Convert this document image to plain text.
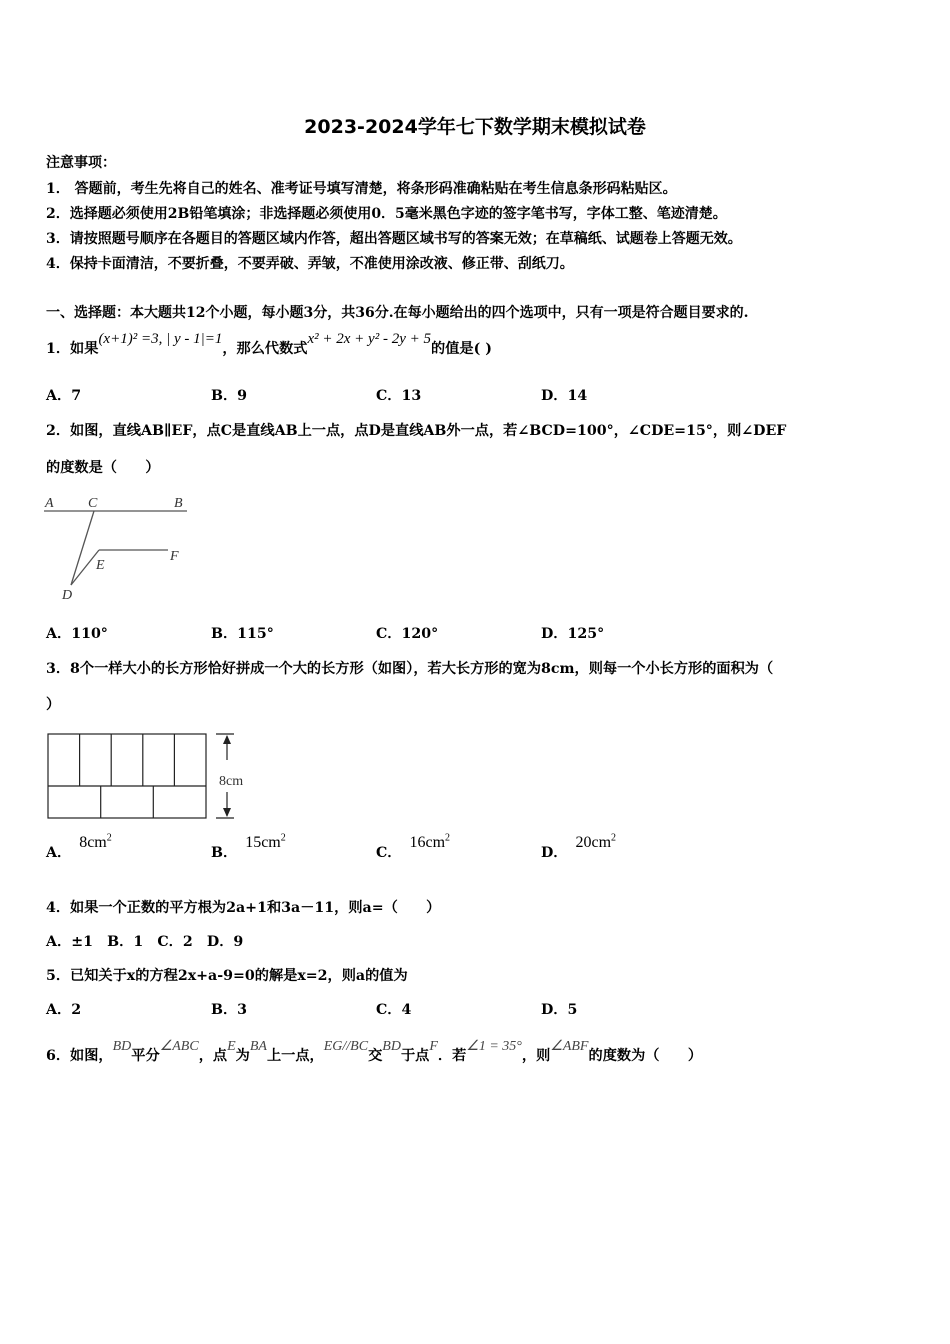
2023-2024学年七下数学期末模拟试卷
注意事项：
1． 答题前，考生先将自己的姓名、准考证号填写清楚，将条形码准确粘贴在考生信息条形码粘贴区。
2．选择题必须使用2B铅笔填涂；非选择题必须使用0．5毫米黑色字迹的签字笔书写，字体工整、笔迹清楚。
3．请按照题号顺序在各题目的答题区域内作答，超出答题区域书写的答案无效；在草稿纸、试题卷上答题无效。
4．保持卡面清洁，不要折叠，不要弄破、弄皱，不准使用涂改液、修正带、刮纸刀。
一、选择题：本大题共12个小题，每小题3分，共36分.在每小题给出的四个选项中，只有一项是符合题目要求的.
1．如果(x+1)² =3, | y - 1|=1，那么代数式x² + 2x + y² - 2y + 5的值是( )
A．7	B．9	C．13	D．14
2．如图，直线AB∥EF，点C是直线AB上一点，点D是直线AB外一点，若∠BCD=100°，∠CDE=15°，则∠DEF
的度数是（　　）
A C	B
F
E
D
A．110°	B．115°	C．120°	D．125°
3．8个一样大小的长方形恰好拼成一个大的长方形（如图），若大长方形的宽为8cm，则每一个小长方形的面积为（
）
8cm
A．$8cm^2$
B．$15cm^2$
C．$16cm^2$
D．$20cm^2$
4．如果一个正数的平方根为2a+1和3a－11，则a=（　　）
A．±1　B．1　C．2　D．9
5．已知关于x的方程2x+a-9=0的解是x=2，则a的值为
A．2	B．3	C．4	D．5
6．如图，BD平分∠ABC，点E为BA上一点，EG//BC交BD于点F．若∠1 = 35°，则∠ABF的度数为（　　）
